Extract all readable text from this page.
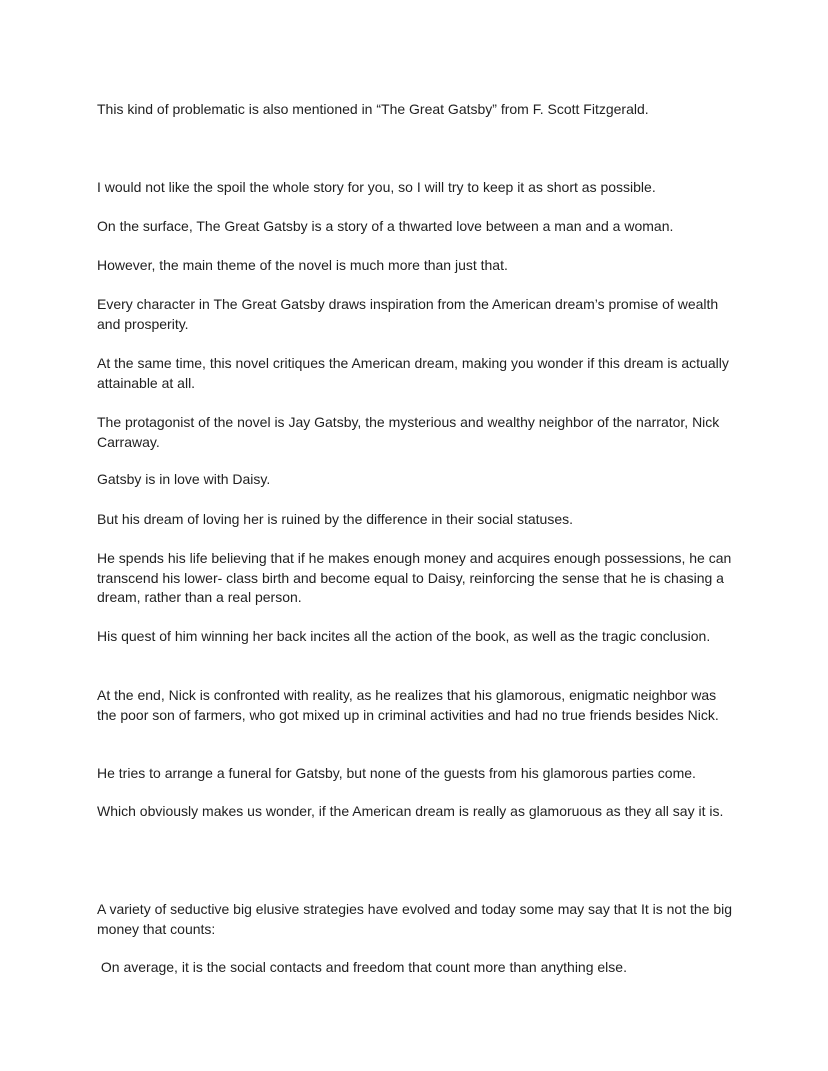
This kind of problematic is also mentioned in “The Great Gatsby” from F. Scott Fitzgerald.

I would not like the spoil the whole story for you, so I will try to keep it as short as possible.

On the surface, The Great Gatsby is a story of a thwarted love between a man and a woman.

However, the main theme of the novel is much more than just that.

Every character in The Great Gatsby draws inspiration from the American dream’s promise of wealth and prosperity.

At the same time, this novel critiques the American dream, making you wonder if this dream is actually attainable at all.

The protagonist of the novel is Jay Gatsby, the mysterious and wealthy neighbor of the narrator, Nick Carraway.

Gatsby is in love with Daisy.

But his dream of loving her is ruined by the difference in their social statuses.

He spends his life believing that if he makes enough money and acquires enough possessions, he can transcend his lower- class birth and become equal to Daisy, reinforcing the sense that he is chasing a dream, rather than a real person.

His quest of him winning her back incites all the action of the book, as well as the tragic conclusion.

At the end, Nick is confronted with reality, as he realizes that his glamorous, enigmatic neighbor was the poor son of farmers, who got mixed up in criminal activities and had no true friends besides Nick.

He tries to arrange a funeral for Gatsby, but none of the guests from his glamorous parties come.

Which obviously makes us wonder, if the American dream is really as glamoruous as they all say it is.

A variety of seductive big elusive strategies have evolved and today some may say that It is not the big money that counts:

On average, it is the social contacts and freedom that count more than anything else.
